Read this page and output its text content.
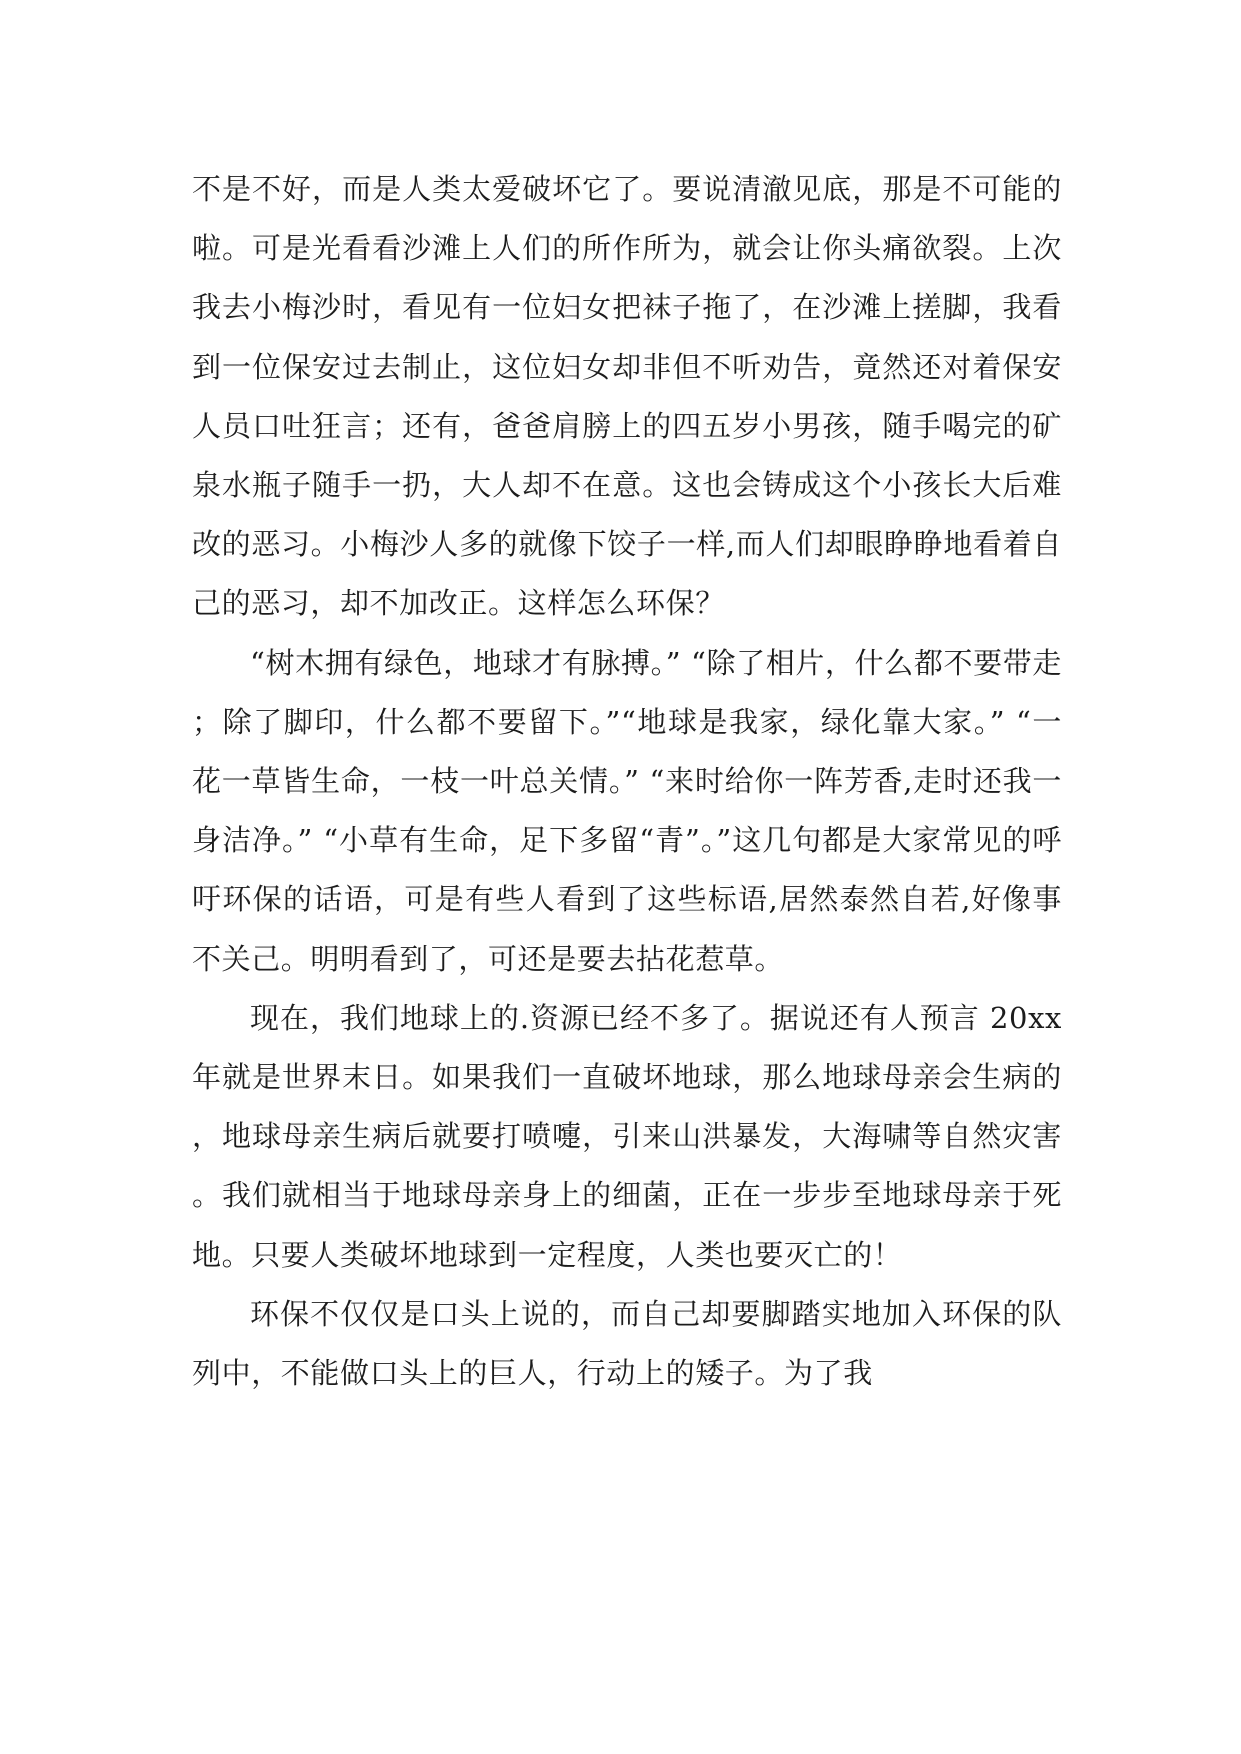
不是不好，而是人类太爱破坏它了。要说清澈见底，那是不可能的啦。可是光看看沙滩上人们的所作所为，就会让你头痛欲裂。上次我去小梅沙时，看见有一位妇女把袜子拖了，在沙滩上搓脚，我看到一位保安过去制止，这位妇女却非但不听劝告，竟然还对着保安人员口吐狂言；还有，爸爸肩膀上的四五岁小男孩，随手喝完的矿泉水瓶子随手一扔，大人却不在意。这也会铸成这个小孩长大后难改的恶习。小梅沙人多的就像下饺子一样,而人们却眼睁睁地看着自己的恶习，却不加改正。这样怎么环保？

“树木拥有绿色，地球才有脉搏。” “除了相片，什么都不要带走；除了脚印，什么都不要留下。”“地球是我家，绿化靠大家。” “一花一草皆生命，一枝一叶总关情。” “来时给你一阵芳香,走时还我一身洁净。” “小草有生命，足下多留“青”。”这几句都是大家常见的呼吁环保的话语，可是有些人看到了这些标语,居然泰然自若,好像事不关己。明明看到了，可还是要去拈花惹草。

现在，我们地球上的.资源已经不多了。据说还有人预言 20xx 年就是世界末日。如果我们一直破坏地球，那么地球母亲会生病的，地球母亲生病后就要打喷嚏，引来山洪暴发，大海啸等自然灾害。我们就相当于地球母亲身上的细菌，正在一步步至地球母亲于死地。只要人类破坏地球到一定程度，人类也要灭亡的！

环保不仅仅是口头上说的，而自己却要脚踏实地加入环保的队列中，不能做口头上的巨人，行动上的矮子。为了我
